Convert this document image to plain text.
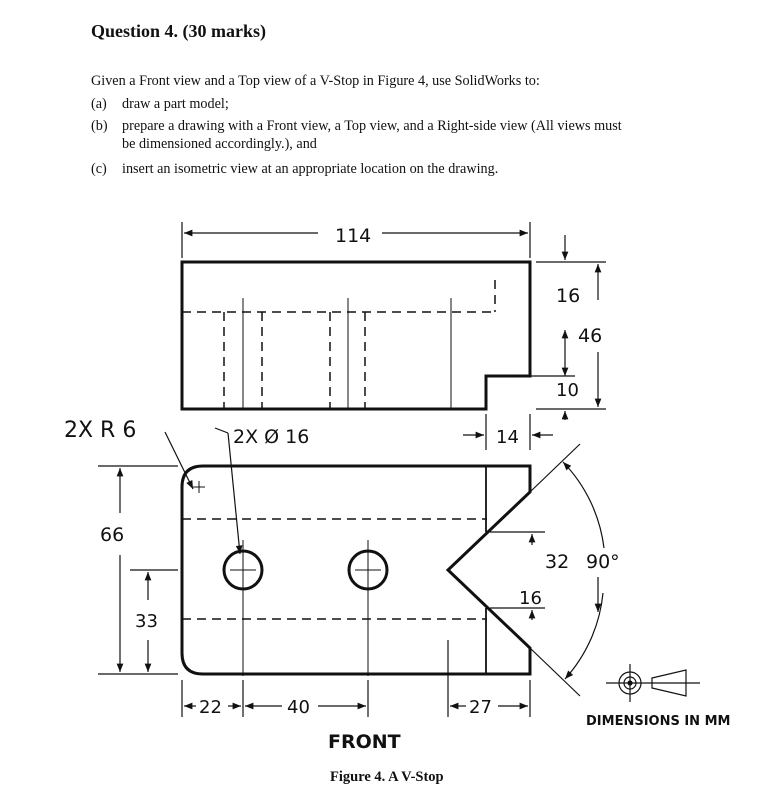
Question 4. (30 marks)
Given a Front view and a Top view of a V-Stop in Figure 4, use SolidWorks to:
(a) draw a part model;
(b) prepare a drawing with a Front view, a Top view, and a Right-side view (All views must
be dimensioned accordingly.), and
(c) insert an isometric view at an appropriate location on the drawing.
114
16
46
10
14
2X R 6	2X Ø 16
66
33
22	40	27
32 90°
16
DIMENSIONS IN MM
FRONT
Figure 4. A V-Stop
